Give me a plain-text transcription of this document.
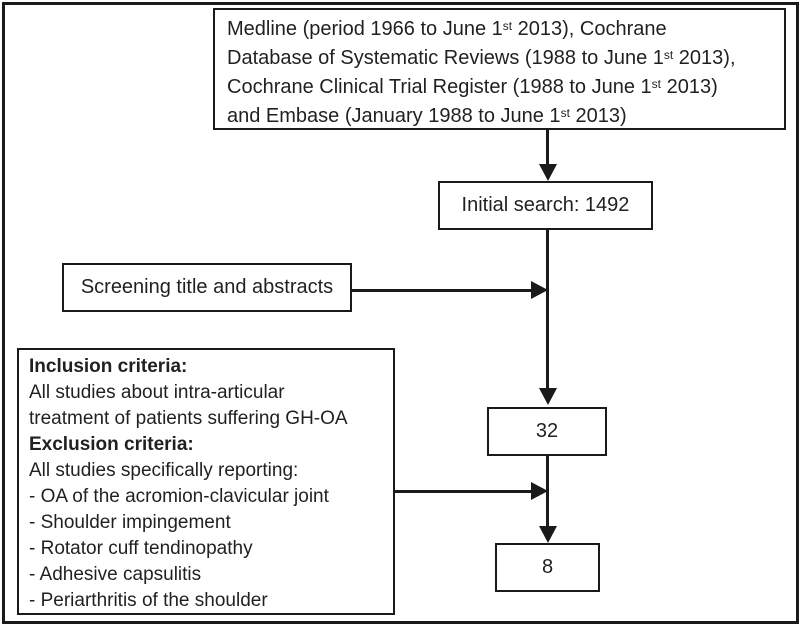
Medline (period 1966 to June 1st 2013), Cochrane
Database of Systematic Reviews (1988 to June 1st 2013),
Cochrane Clinical Trial Register (1988 to June 1st 2013)
and Embase (January 1988 to June 1st 2013)
Initial search: 1492
Screening title and abstracts
32
Inclusion criteria:
All studies about intra-articular
treatment of patients suffering GH-OA
Exclusion criteria:
All studies specifically reporting:
- OA of the acromion-clavicular joint
- Shoulder impingement
- Rotator cuff tendinopathy
- Adhesive capsulitis
- Periarthritis of the shoulder
8
